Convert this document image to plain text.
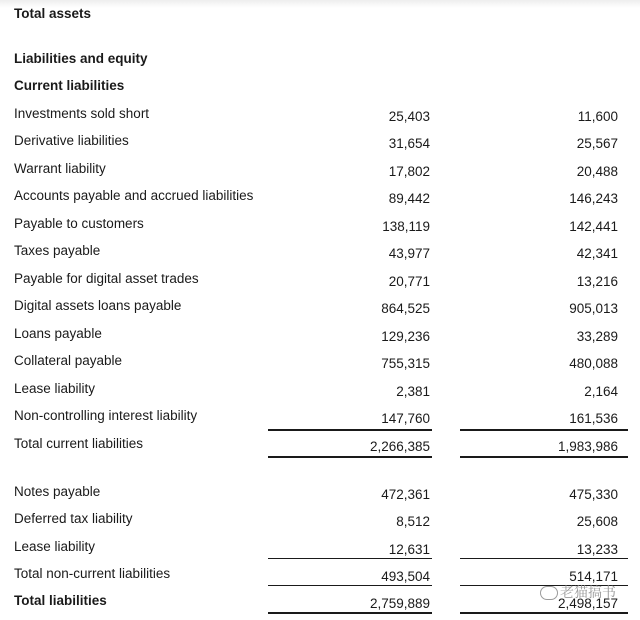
Total assets
Liabilities and equity
Current liabilities
Investments sold short	25,403	11,600
Derivative liabilities	31,654	25,567
Warrant liability	17,802	20,488
Accounts payable and accrued liabilities	89,442	146,243
Payable to customers	138,119	142,441
Taxes payable	43,977	42,341
Payable for digital asset trades	20,771	13,216
Digital assets loans payable	864,525	905,013
Loans payable	129,236	33,289
Collateral payable	755,315	480,088
Lease liability	2,381	2,164
Non-controlling interest liability	147,760	161,536
Total current liabilities	2,266,385	1,983,986
Notes payable	472,361	475,330
Deferred tax liability	8,512	25,608
Lease liability	12,631	13,233
Total non-current liabilities	493,504	514,171
Total liabilities	2,759,889	2,498,157
老猫搞书
